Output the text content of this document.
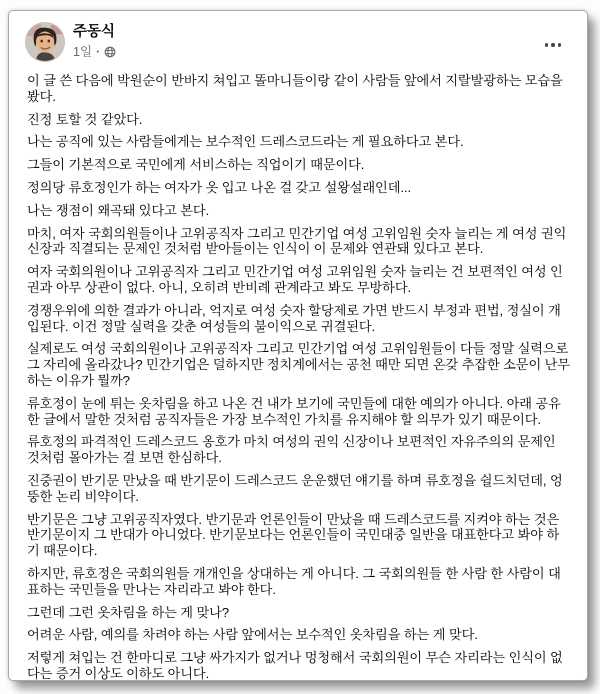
주동식
1일 ·

이 글 쓴 다음에 박원순이 반바지 쳐입고 똘마니들이랑 같이 사람들 앞에서 지랄발광하는 모습을 봤다.

진정 토할 것 같았다.

나는 공직에 있는 사람들에게는 보수적인 드레스코드라는 게 필요하다고 본다.

그들이 기본적으로 국민에게 서비스하는 직업이기 때문이다.

정의당 류호정인가 하는 여자가 옷 입고 나온 걸 갖고 설왕설래인데...

나는 쟁점이 왜곡돼 있다고 본다.

마치, 여자 국회의원들이나 고위공직자 그리고 민간기업 여성 고위임원 숫자 늘리는 게 여성 권익 신장과 직결되는 문제인 것처럼 받아들이는 인식이 이 문제와 연관돼 있다고 본다.

여자 국회의원이나 고위공직자 그리고 민간기업 여성 고위임원 숫자 늘리는 건 보편적인 여성 인권과 아무 상관이 없다. 아니, 오히려 반비례 관계라고 봐도 무방하다.

경쟁우위에 의한 결과가 아니라, 억지로 여성 숫자 할당제로 가면 반드시 부정과 편법, 정실이 개입된다. 이건 정말 실력을 갖춘 여성들의 불이익으로 귀결된다.

실제로도 여성 국회의원이나 고위공직자 그리고 민간기업 여성 고위임원들이 다들 정말 실력으로 그 자리에 올라갔나? 민간기업은 덜하지만 정치계에서는 공천 때만 되면 온갖 추잡한 소문이 난무하는 이유가 뭘까?

류호정이 눈에 튀는 옷차림을 하고 나온 건 내가 보기에 국민들에 대한 예의가 아니다. 아래 공유한 글에서 말한 것처럼 공직자들은 가장 보수적인 가치를 유지해야 할 의무가 있기 때문이다.

류호정의 파격적인 드레스코드 옹호가 마치 여성의 권익 신장이나 보편적인 자유주의의 문제인 것처럼 몰아가는 걸 보면 한심하다.

진중권이 반기문 만났을 때 반기문이 드레스코드 운운했던 얘기를 하며 류호정을 쉴드치던데, 엉뚱한 논리 비약이다.

반기문은 그냥 고위공직자였다. 반기문과 언론인들이 만났을 때 드레스코드를 지켜야 하는 것은 반기문이지 그 반대가 아니었다. 반기문보다는 언론인들이 국민대중 일반을 대표한다고 봐야 하기 때문이다.

하지만, 류호정은 국회의원들 개개인을 상대하는 게 아니다. 그 국회의원들 한 사람 한 사람이 대표하는 국민들을 만나는 자리라고 봐야 한다.

그런데 그런 옷차림을 하는 게 맞나?

어려운 사람, 예의를 차려야 하는 사람 앞에서는 보수적인 옷차림을 하는 게 맞다.

저렇게 쳐입는 건 한마디로 그냥 싸가지가 없거나 멍청해서 국회의원이 무슨 자리라는 인식이 없다는 증거 이상도 이하도 아니다.
